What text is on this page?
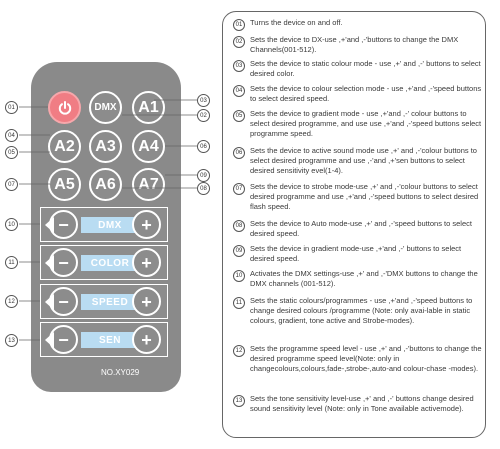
DMX	A1
A2	A3	A4
A5	A6	A7
−	DMX	+
−	COLOR +
−	SPEED +
−	SEN	+
NO.XY029
01
04
05
07
03
02
06
09
08
10
11
12
13
01	Turns the device on and off.
02	Sets the device to DX-use ,+'and ,-'buttons to change the DMX Channels(001-512).
03	Sets the device to static colour mode - use ,+' and ,-' buttons to select desired color.
04	Sets the device to colour selection mode - use ,+'and ,-'speed buttons to select desired speed.
05	Sets the device to gradient mode - use ,+'and ,-' colour buttons to select desired programme, and use use ,+'and ,-'speed buttons select programme speed.
06	Sets the device to active sound mode use ,+' and ,-'colour buttons to select desired programme and use ,-'and ,+'sen buttons to select desired sensitivity evel(1-4).
07	Sets the device to strobe mode-use ,+' and ,-'colour buttons to select desired programme and use ,+'and ,-'speed buttons to select desired flash speed.
08	Sets the device to Auto mode-use ,+' and ,-'speed buttons to select desired speed.
09	Sets the device in gradient mode-use ,+'and ,-' buttons to select desired speed.
10	Activates the DMX settings-use ,+' and ,-'DMX buttons to change the DMX channels (001-512).
11	Sets the static colours/programmes - use ,+'and ,-'speed buttons to change desired colours /programme (Note: only avai-lable in static colours, gradient, tone active and Strobe-modes).
12	Sets the programme speed level - use ,+' and ,-'buttons to change the desired programme speed level(Note: only in changecolours,colours,fade-,strobe-,auto-and colour-chase -modes).
13	Sets the tone sensitivity level-use ,+' and ,-' buttons change desired sound sensitivity level (Note: only in Tone available activemode).
